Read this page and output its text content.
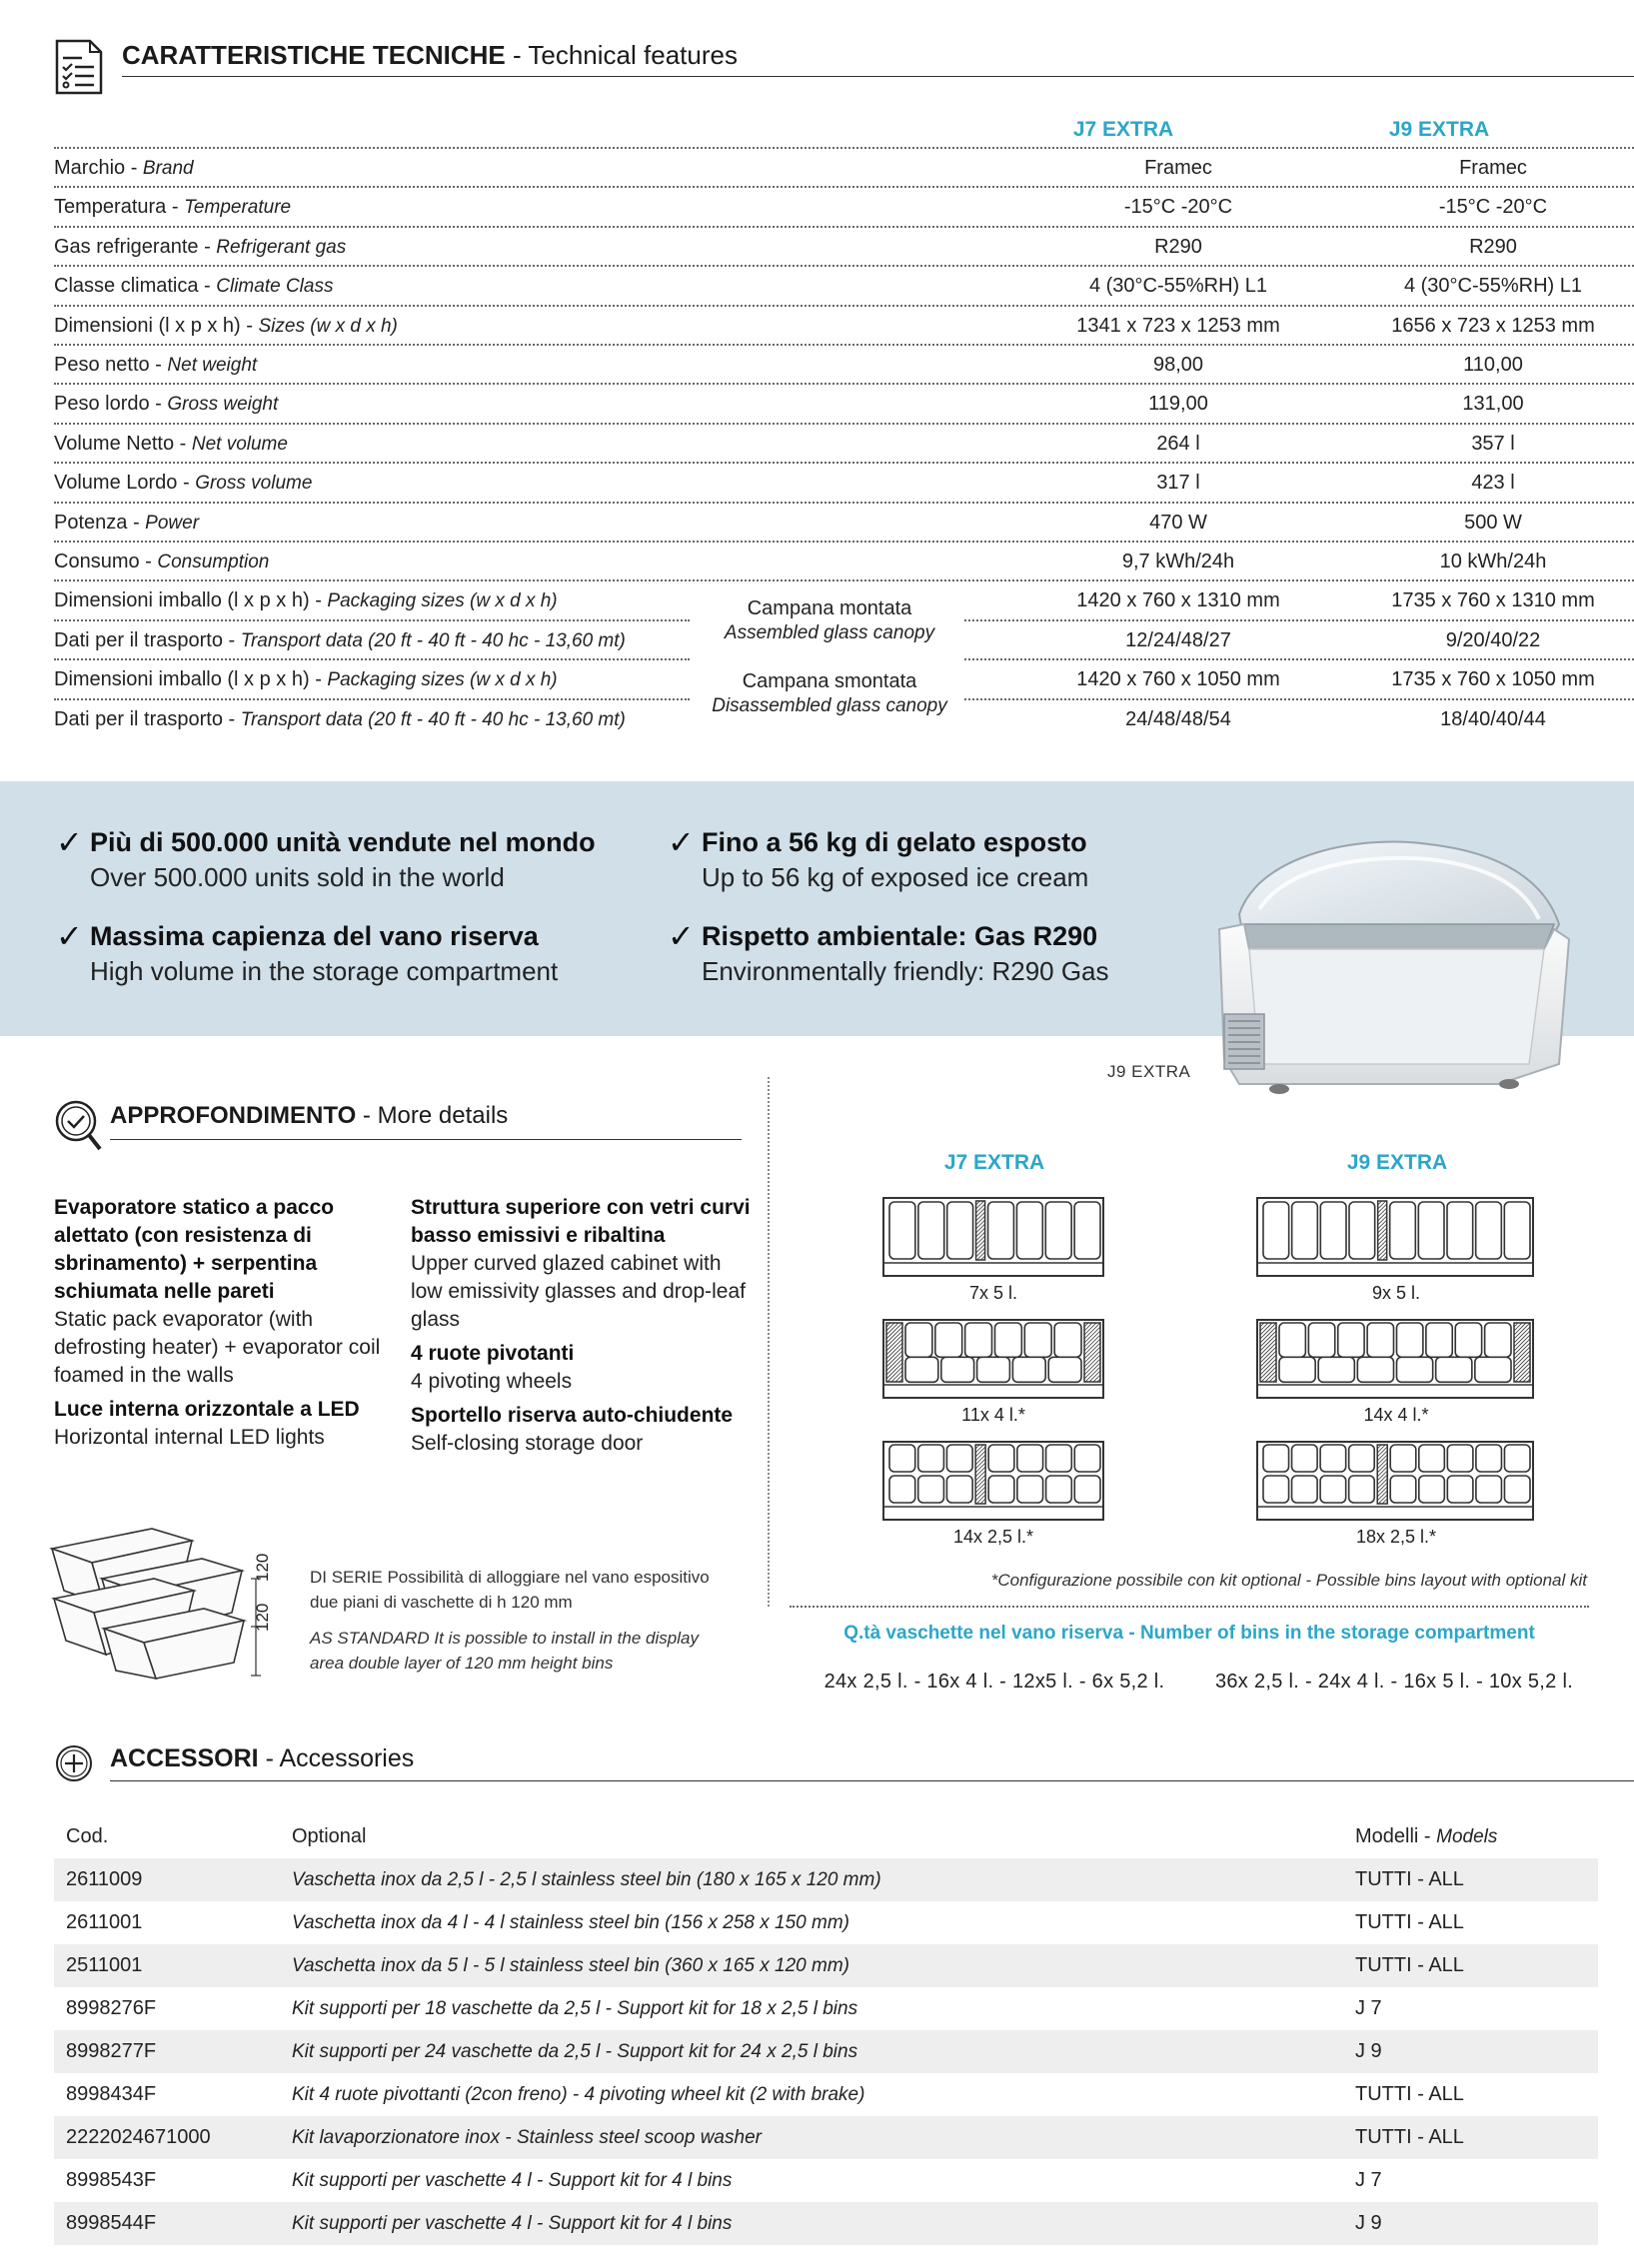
CARATTERISTICHE TECNICHE - Technical features
J7 EXTRA	J9 EXTRA
Marchio - Brand	Framec	Framec
Temperatura - Temperature	-15°C -20°C	-15°C -20°C
Gas refrigerante - Refrigerant gas	R290	R290
Classe climatica - Climate Class	4 (30°C-55%RH) L1	4 (30°C-55%RH) L1
Dimensioni (l x p x h) - Sizes (w x d x h)	1341 x 723 x 1253 mm	1656 x 723 x 1253 mm
Peso netto - Net weight	98,00	110,00
Peso lordo - Gross weight	119,00	131,00
Volume Netto - Net volume	264 l	357 l
Volume Lordo - Gross volume	317 l	423 l
Potenza - Power	470 W	500 W
Consumo - Consumption	9,7 kWh/24h	10 kWh/24h
Dimensioni imballo (l x p x h) - Packaging sizes (w x d x h)	1420 x 760 x 1310 mm	1735 x 760 x 1310 mm
Dati per il trasporto - Transport data (20 ft - 40 ft - 40 hc - 13,60 mt)	12/24/48/27	9/20/40/22
Dimensioni imballo (l x p x h) - Packaging sizes (w x d x h)	1420 x 760 x 1050 mm	1735 x 760 x 1050 mm
Dati per il trasporto - Transport data (20 ft - 40 ft - 40 hc - 13,60 mt)	24/48/48/54	18/40/40/44
Campana montata
Assembled glass canopy
Campana smontata
Disassembled glass canopy
✓ Più di 500.000 unità vendute nel mondo
Over 500.000 units sold in the world
✓ Massima capienza del vano riserva
High volume in the storage compartment
✓ Fino a 56 kg di gelato esposto
Up to 56 kg of exposed ice cream
✓ Rispetto ambientale: Gas R290
Environmentally friendly: R290 Gas
J9 EXTRA
APPROFONDIMENTO - More details
Evaporatore statico a pacco alettato (con resistenza di sbrinamento) + serpentina schiumata nelle pareti
Static pack evaporator (with defrosting heater) + evaporator coil foamed in the walls
Luce interna orizzontale a LED
Horizontal internal LED lights
Struttura superiore con vetri curvi basso emissivi e ribaltina
Upper curved glazed cabinet with low emissivity glasses and drop-leaf glass
4 ruote pivotanti
4 pivoting wheels
Sportello riserva auto-chiudente
Self-closing storage door
120
120
DI SERIE Possibilità di alloggiare nel vano espositivo due piani di vaschette di h 120 mm
AS STANDARD It is possible to install in the display area double layer of 120 mm height bins
J7 EXTRA	J9 EXTRA
7x 5 l.
11x 4 l.*
14x 2,5 l.*
9x 5 l.
14x 4 l.*
18x 2,5 l.*
*Configurazione possibile con kit optional - Possible bins layout with optional kit
Q.tà vaschette nel vano riserva - Number of bins in the storage compartment
24x 2,5 l. - 16x 4 l. - 12x5 l. - 6x 5,2 l.	36x 2,5 l. - 24x 4 l. - 16x 5 l. - 10x 5,2 l.
ACCESSORI - Accessories
Cod.	Optional	Modelli - Models
2611009	Vaschetta inox da 2,5 l - 2,5 l stainless steel bin (180 x 165 x 120 mm)	TUTTI - ALL
2611001	Vaschetta inox da 4 l - 4 l stainless steel bin (156 x 258 x 150 mm)	TUTTI - ALL
2511001	Vaschetta inox da 5 l - 5 l stainless steel bin (360 x 165 x 120 mm)	TUTTI - ALL
8998276F	Kit supporti per 18 vaschette da 2,5 l - Support kit for 18 x 2,5 l bins	J 7
8998277F	Kit supporti per 24 vaschette da 2,5 l - Support kit for 24 x 2,5 l bins	J 9
8998434F	Kit 4 ruote pivottanti (2con freno) - 4 pivoting wheel kit (2 with brake)	TUTTI - ALL
2222024671000	Kit lavaporzionatore inox - Stainless steel scoop washer	TUTTI - ALL
8998543F	Kit supporti per vaschette 4 l - Support kit for 4 l bins	J 7
8998544F	Kit supporti per vaschette 4 l - Support kit for 4 l bins	J 9
